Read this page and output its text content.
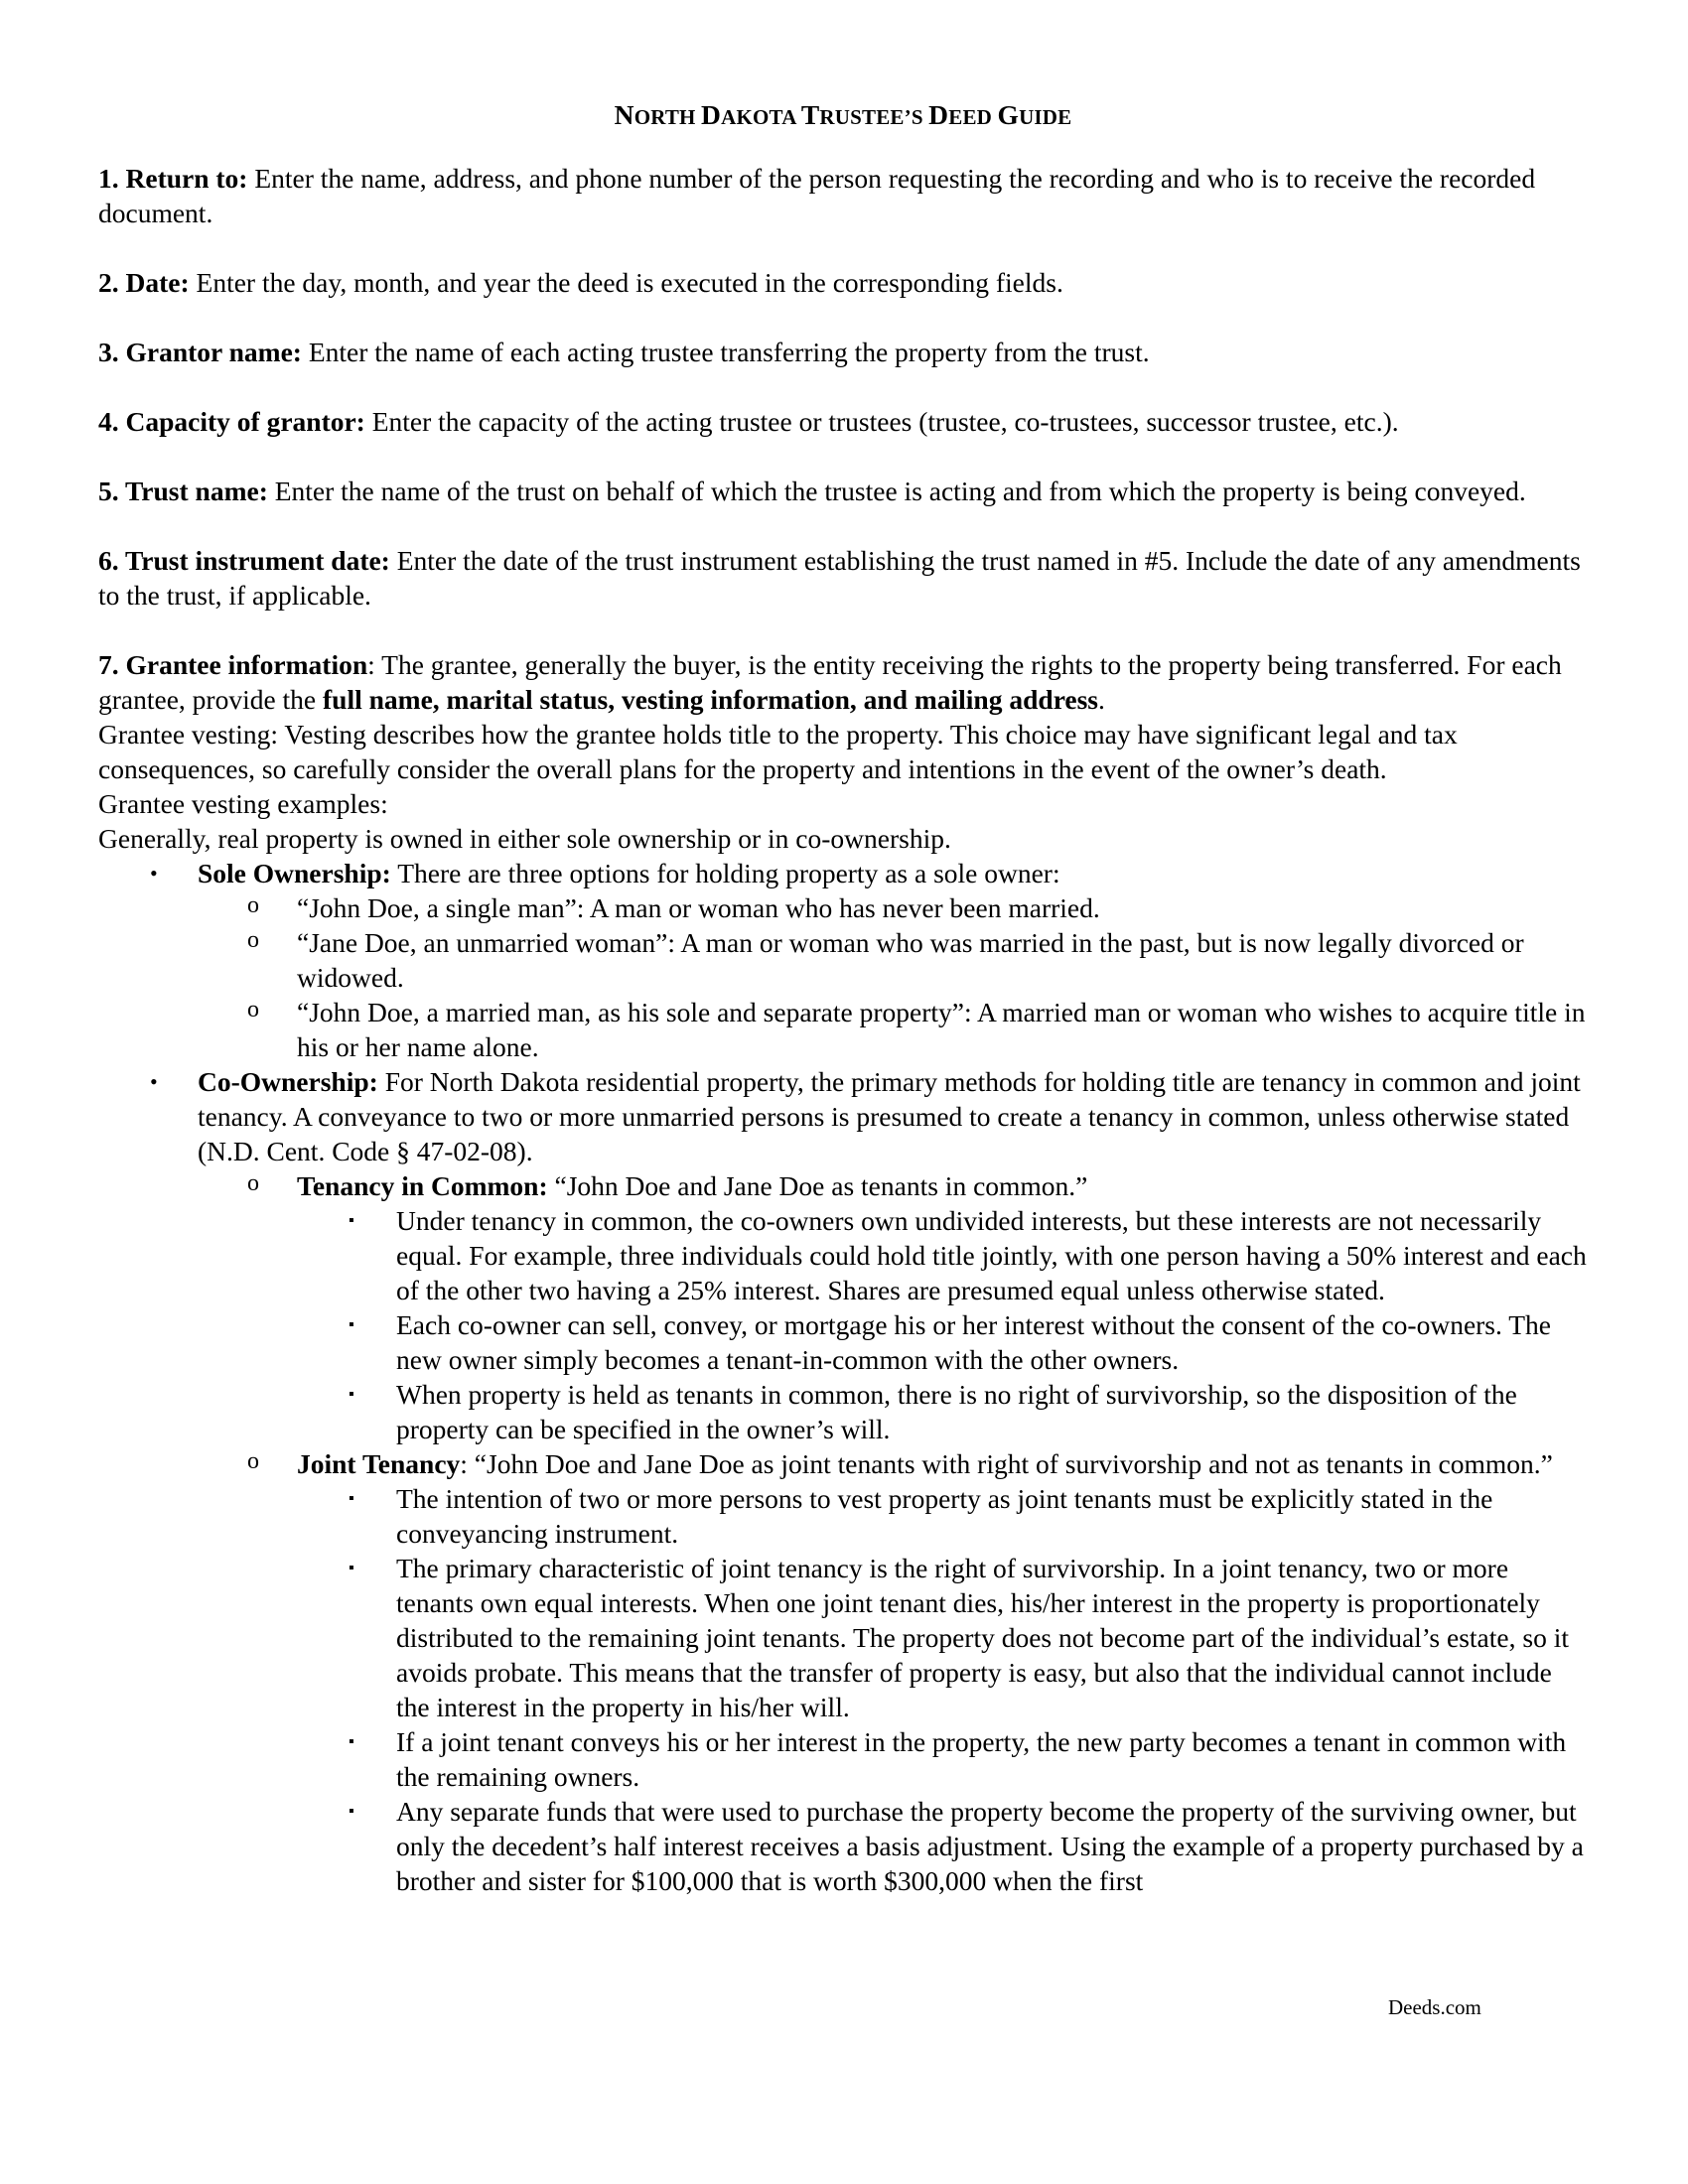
NORTH DAKOTA TRUSTEE’S DEED GUIDE

1. Return to: Enter the name, address, and phone number of the person requesting the recording and who is to receive the recorded document.

2. Date: Enter the day, month, and year the deed is executed in the corresponding fields.

3. Grantor name: Enter the name of each acting trustee transferring the property from the trust.

4. Capacity of grantor: Enter the capacity of the acting trustee or trustees (trustee, co-trustees, successor trustee, etc.).

5. Trust name: Enter the name of the trust on behalf of which the trustee is acting and from which the property is being conveyed.

6. Trust instrument date: Enter the date of the trust instrument establishing the trust named in #5. Include the date of any amendments to the trust, if applicable.

7. Grantee information: The grantee, generally the buyer, is the entity receiving the rights to the property being transferred. For each grantee, provide the full name, marital status, vesting information, and mailing address.

Grantee vesting: Vesting describes how the grantee holds title to the property. This choice may have significant legal and tax consequences, so carefully consider the overall plans for the property and intentions in the event of the owner’s death.

Grantee vesting examples:

Generally, real property is owned in either sole ownership or in co-ownership.

• Sole Ownership: There are three options for holding property as a sole owner:
o “John Doe, a single man”: A man or woman who has never been married.
o “Jane Doe, an unmarried woman”: A man or woman who was married in the past, but is now legally divorced or widowed.
o “John Doe, a married man, as his sole and separate property”: A married man or woman who wishes to acquire title in his or her name alone.
• Co-Ownership: For North Dakota residential property, the primary methods for holding title are tenancy in common and joint tenancy. A conveyance to two or more unmarried persons is presumed to create a tenancy in common, unless otherwise stated (N.D. Cent. Code § 47-02-08).
o Tenancy in Common: “John Doe and Jane Doe as tenants in common.”
▪ Under tenancy in common, the co-owners own undivided interests, but these interests are not necessarily equal. For example, three individuals could hold title jointly, with one person having a 50% interest and each of the other two having a 25% interest. Shares are presumed equal unless otherwise stated.
▪ Each co-owner can sell, convey, or mortgage his or her interest without the consent of the co-owners. The new owner simply becomes a tenant-in-common with the other owners.
▪ When property is held as tenants in common, there is no right of survivorship, so the disposition of the property can be specified in the owner’s will.
o Joint Tenancy: “John Doe and Jane Doe as joint tenants with right of survivorship and not as tenants in common.”
▪ The intention of two or more persons to vest property as joint tenants must be explicitly stated in the conveyancing instrument.
▪ The primary characteristic of joint tenancy is the right of survivorship. In a joint tenancy, two or more tenants own equal interests. When one joint tenant dies, his/her interest in the property is proportionately distributed to the remaining joint tenants. The property does not become part of the individual’s estate, so it avoids probate. This means that the transfer of property is easy, but also that the individual cannot include the interest in the property in his/her will.
▪ If a joint tenant conveys his or her interest in the property, the new party becomes a tenant in common with the remaining owners.
▪ Any separate funds that were used to purchase the property become the property of the surviving owner, but only the decedent’s half interest receives a basis adjustment. Using the example of a property purchased by a brother and sister for $100,000 that is worth $300,000 when the first
Deeds.com
